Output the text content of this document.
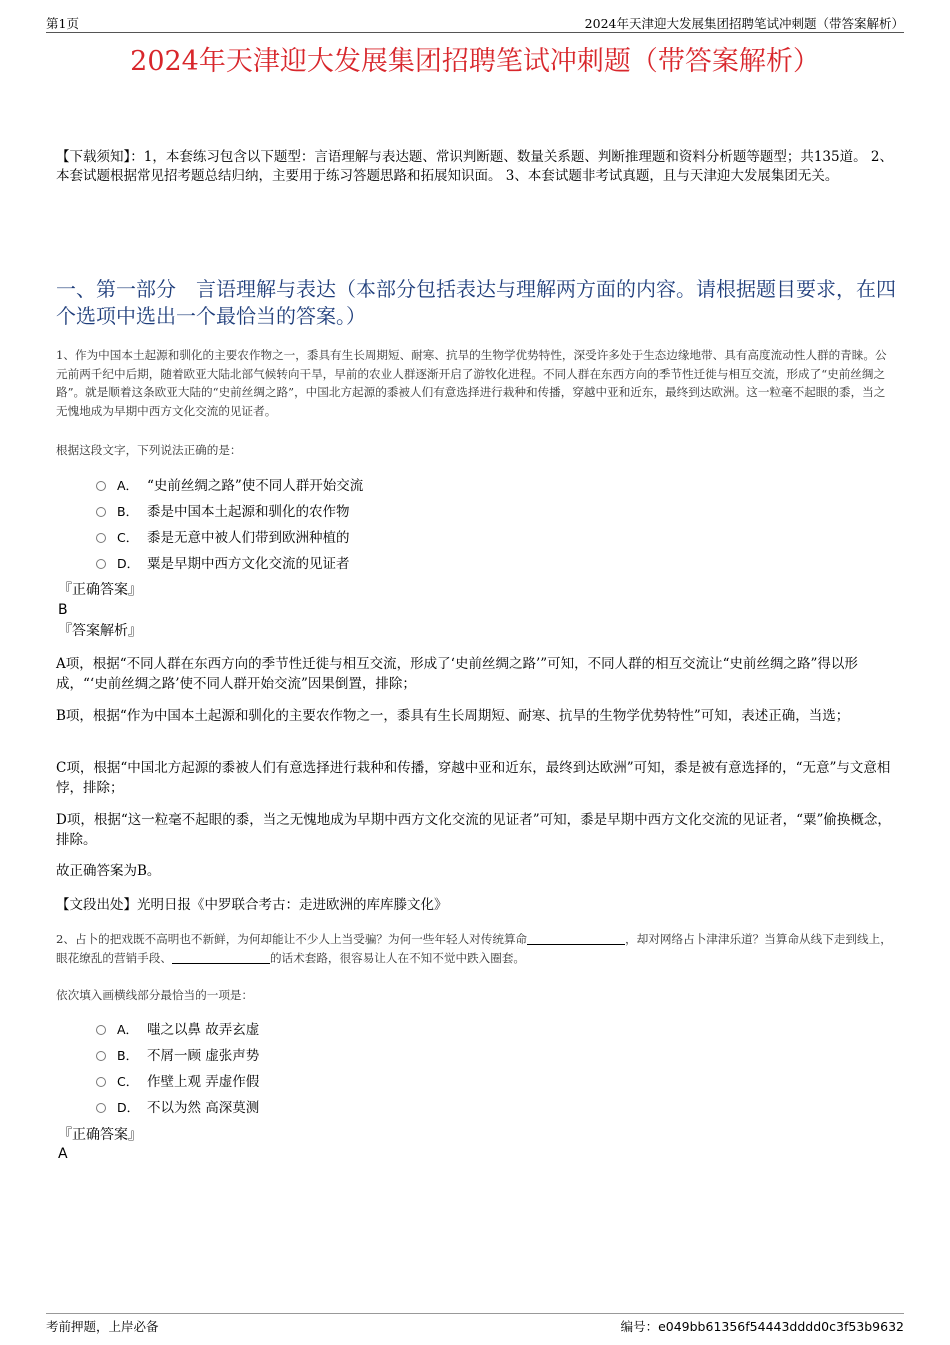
第1页	2024年天津迎大发展集团招聘笔试冲刺题（带答案解析）
2024年天津迎大发展集团招聘笔试冲刺题（带答案解析）
【下载须知】：1，本套练习包含以下题型：言语理解与表达题、常识判断题、数量关系题、判断推理题和资料分析题等题型；共135道。 2、本套试题根据常见招考题总结归纳，主要用于练习答题思路和拓展知识面。 3、本套试题非考试真题，且与天津迎大发展集团无关。
一、第一部分　言语理解与表达（本部分包括表达与理解两方面的内容。请根据题目要求，在四个选项中选出一个最恰当的答案。）
1、作为中国本土起源和驯化的主要农作物之一，黍具有生长周期短、耐寒、抗旱的生物学优势特性，深受许多处于生态边缘地带、具有高度流动性人群的青睐。公元前两千纪中后期，随着欧亚大陆北部气候转向干旱，早前的农业人群逐渐开启了游牧化进程。不同人群在东西方向的季节性迁徙与相互交流，形成了“史前丝绸之路”。就是顺着这条欧亚大陆的“史前丝绸之路”，中国北方起源的黍被人们有意选择进行栽种和传播，穿越中亚和近东，最终到达欧洲。这一粒毫不起眼的黍，当之无愧地成为早期中西方文化交流的见证者。
根据这段文字，下列说法正确的是：
A． “史前丝绸之路”使不同人群开始交流
B． 黍是中国本土起源和驯化的农作物
C． 黍是无意中被人们带到欧洲种植的
D． 粟是早期中西方文化交流的见证者
『正确答案』
B
『答案解析』
A项，根据“不同人群在东西方向的季节性迁徙与相互交流，形成了‘史前丝绸之路’”可知，不同人群的相互交流让“史前丝绸之路”得以形成，“‘史前丝绸之路’使不同人群开始交流”因果倒置，排除；
B项，根据“作为中国本土起源和驯化的主要农作物之一，黍具有生长周期短、耐寒、抗旱的生物学优势特性”可知，表述正确，当选；
C项，根据“中国北方起源的黍被人们有意选择进行栽种和传播，穿越中亚和近东，最终到达欧洲”可知，黍是被有意选择的，“无意”与文意相悖，排除；
D项，根据“这一粒毫不起眼的黍，当之无愧地成为早期中西方文化交流的见证者”可知，黍是早期中西方文化交流的见证者，“粟”偷换概念，排除。
故正确答案为B。
【文段出处】光明日报《中罗联合考古：走进欧洲的库库滕文化》
2、占卜的把戏既不高明也不新鲜，为何却能让不少人上当受骗？为何一些年轻人对传统算命	，却对网络占卜津津乐道？当算命从线下走到线上，眼花缭乱的营销手段、	的话术套路，很容易让人在不知不觉中跌入圈套。
依次填入画横线部分最恰当的一项是：
A． 嗤之以鼻 故弄玄虚
B． 不屑一顾 虚张声势
C． 作壁上观 弄虚作假
D． 不以为然 高深莫测
『正确答案』
A
考前押题，上岸必备	编号：e049bb61356f54443dddd0c3f53b9632
